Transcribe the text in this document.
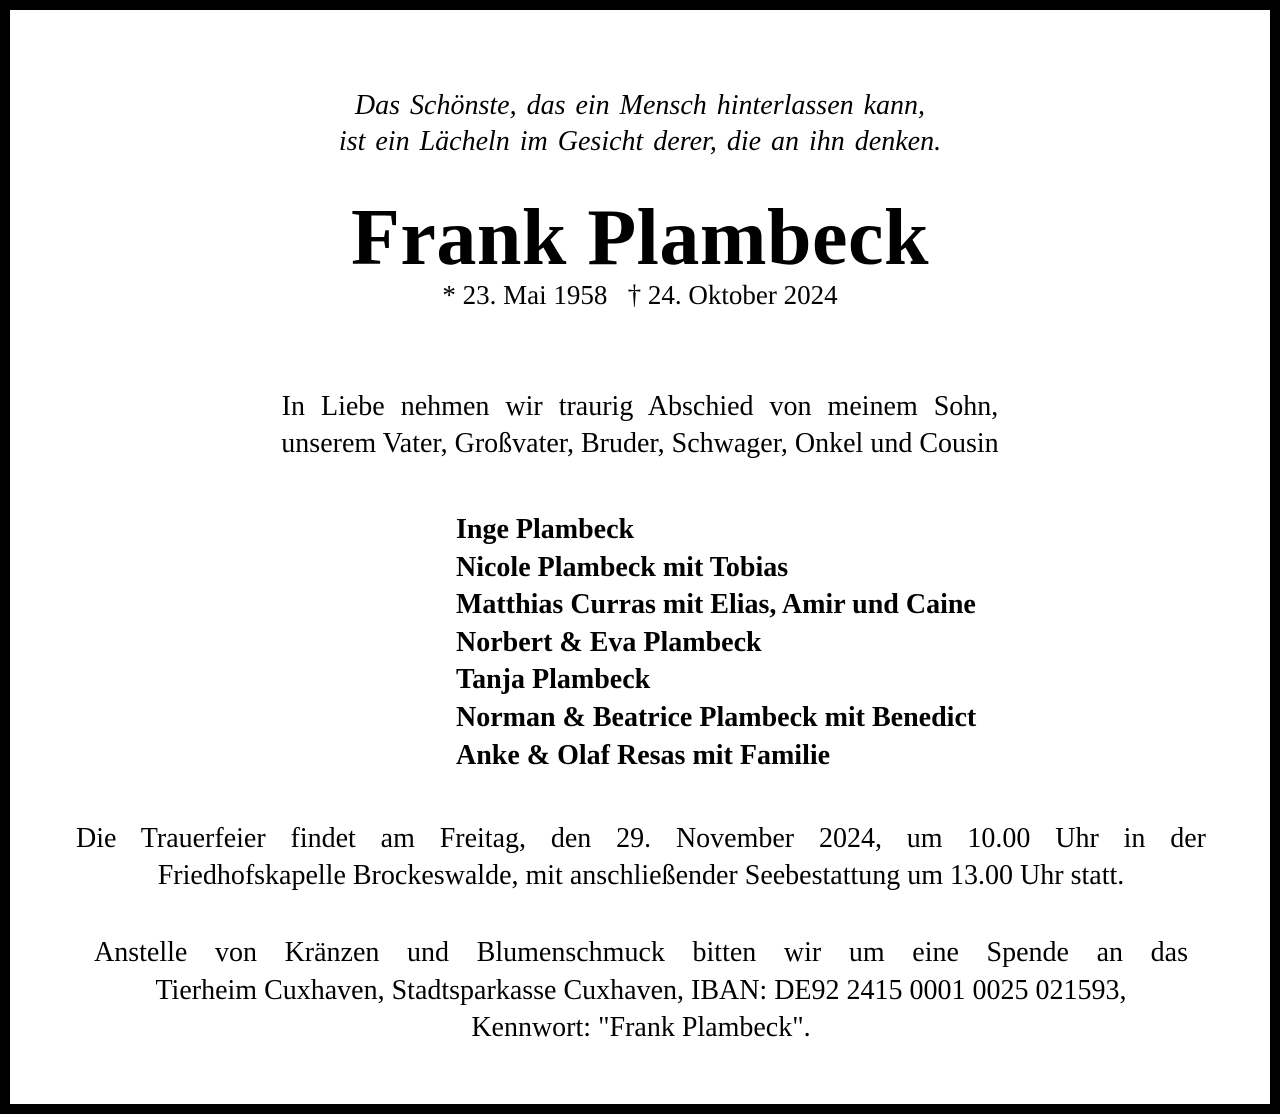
Das Schönste, das ein Mensch hinterlassen kann,
ist ein Lächeln im Gesicht derer, die an ihn denken.
Frank Plambeck
* 23. Mai 1958   † 24. Oktober 2024
In Liebe nehmen wir traurig Abschied von meinem Sohn,
unserem Vater, Großvater, Bruder, Schwager, Onkel und Cousin
Inge Plambeck
Nicole Plambeck mit Tobias
Matthias Curras mit Elias, Amir und Caine
Norbert & Eva Plambeck
Tanja Plambeck
Norman & Beatrice Plambeck mit Benedict
Anke & Olaf Resas mit Familie
Die Trauerfeier findet am Freitag, den 29. November 2024, um 10.00 Uhr in der
Friedhofskapelle Brockeswalde, mit anschließender Seebestattung um 13.00 Uhr statt.
Anstelle von Kränzen und Blumenschmuck bitten wir um eine Spende an das
Tierheim Cuxhaven, Stadtsparkasse Cuxhaven, IBAN: DE92 2415 0001 0025 021593,
Kennwort: "Frank Plambeck".
